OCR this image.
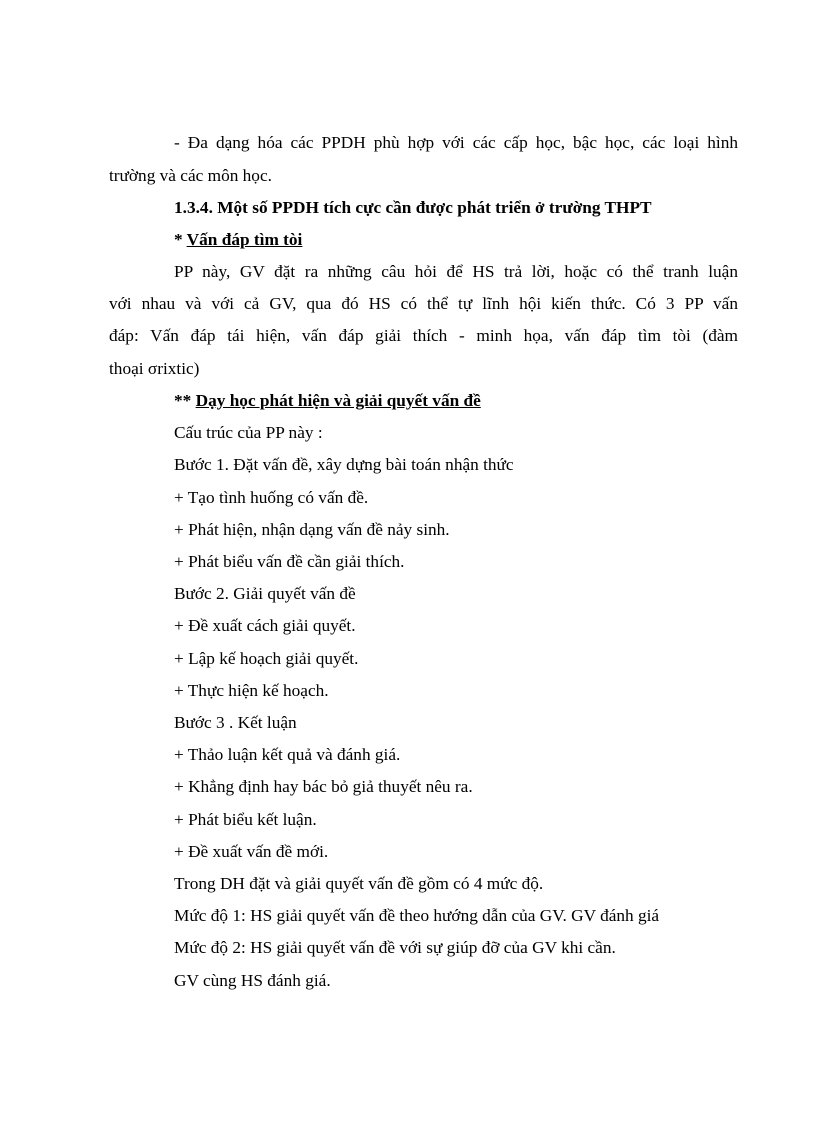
- Đa dạng hóa các PPDH phù hợp với các cấp học, bậc học, các loại hình
trường và các môn học.
1.3.4. Một số PPDH tích cực cần được phát triển ở trường THPT
* Vấn đáp tìm tòi
PP này, GV đặt ra những câu hỏi để HS trả lời, hoặc có thể tranh luận
với nhau và với cả GV, qua đó HS có thể tự lĩnh hội kiến thức. Có 3 PP vấn
đáp: Vấn đáp tái hiện, vấn đáp giải thích - minh họa, vấn đáp tìm tòi (đàm
thoại σrixtic)
** Dạy học phát hiện và giải quyết vấn đề
Cấu trúc của PP này :
Bước 1. Đặt vấn đề, xây dựng bài toán nhận thức
+ Tạo tình huống có vấn đề.
+ Phát hiện, nhận dạng vấn đề nảy sinh.
+ Phát biểu vấn đề cần giải thích.
Bước 2. Giải quyết vấn đề
+ Đề xuất cách giải quyết.
+ Lập kế hoạch giải quyết.
+ Thực hiện kế hoạch.
Bước 3 . Kết luận
+ Thảo luận kết quả và đánh giá.
+ Khẳng định hay bác bỏ giả thuyết nêu ra.
+ Phát biểu kết luận.
+ Đề xuất vấn đề mới.
Trong DH đặt và giải quyết vấn đề gồm có 4 mức độ.
Mức độ 1: HS giải quyết vấn đề theo hướng dẫn của GV. GV đánh giá
Mức độ 2: HS giải quyết vấn đề với sự giúp đỡ của GV khi cần.
GV cùng HS đánh giá.
